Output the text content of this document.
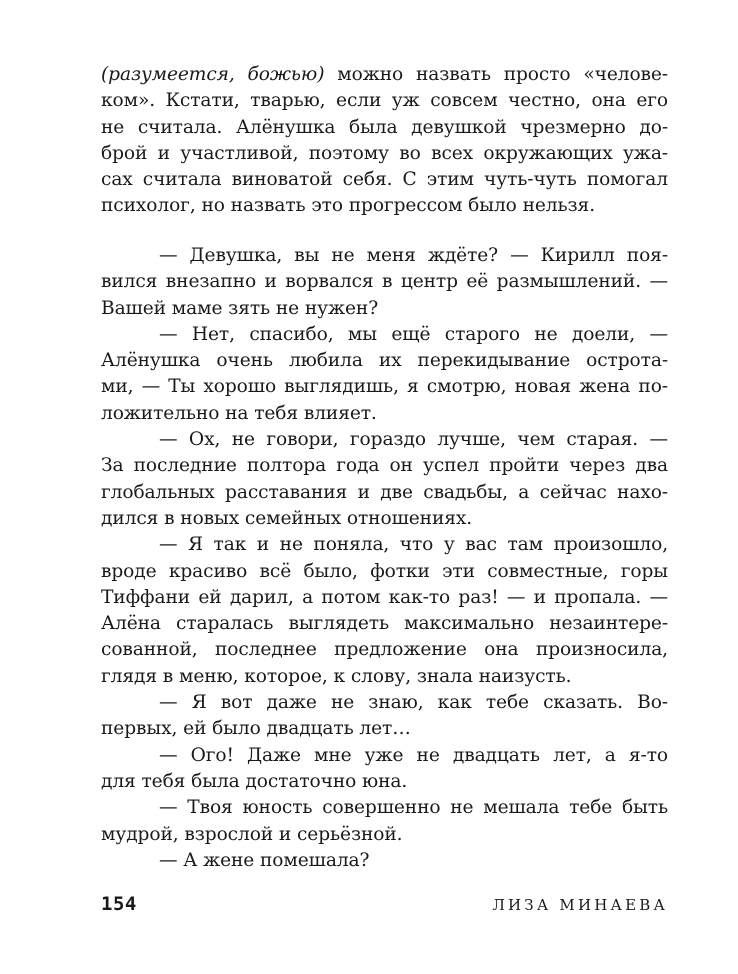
(разумеется, божью) можно назвать просто «челове-
ком». Кстати, тварью, если уж совсем честно, она его
не считала. Алёнушка была девушкой чрезмерно до-
брой и участливой, поэтому во всех окружающих ужа-
сах считала виноватой себя. С этим чуть-чуть помогал
психолог, но назвать это прогрессом было нельзя.
— Девушка, вы не меня ждёте? — Кирилл поя-
вился внезапно и ворвался в центр её размышлений. —
Вашей маме зять не нужен?
— Нет, спасибо, мы ещё старого не доели, —
Алёнушка очень любила их перекидывание острота-
ми, — Ты хорошо выглядишь, я смотрю, новая жена по-
ложительно на тебя влияет.
— Ох, не говори, гораздо лучше, чем старая. —
За последние полтора года он успел пройти через два
глобальных расставания и две свадьбы, а сейчас нахо-
дился в новых семейных отношениях.
— Я так и не поняла, что у вас там произошло,
вроде красиво всё было, фотки эти совместные, горы
Тиффани ей дарил, а потом как-то раз! — и пропала. —
Алёна старалась выглядеть максимально незаинтере-
сованной, последнее предложение она произносила,
глядя в меню, которое, к слову, знала наизусть.
— Я вот даже не знаю, как тебе сказать. Во-
первых, ей было двадцать лет…
— Ого! Даже мне уже не двадцать лет, а я-то
для тебя была достаточно юна.
— Твоя юность совершенно не мешала тебе быть
мудрой, взрослой и серьёзной.
— А жене помешала?
154	ЛИЗА МИНАЕВА
